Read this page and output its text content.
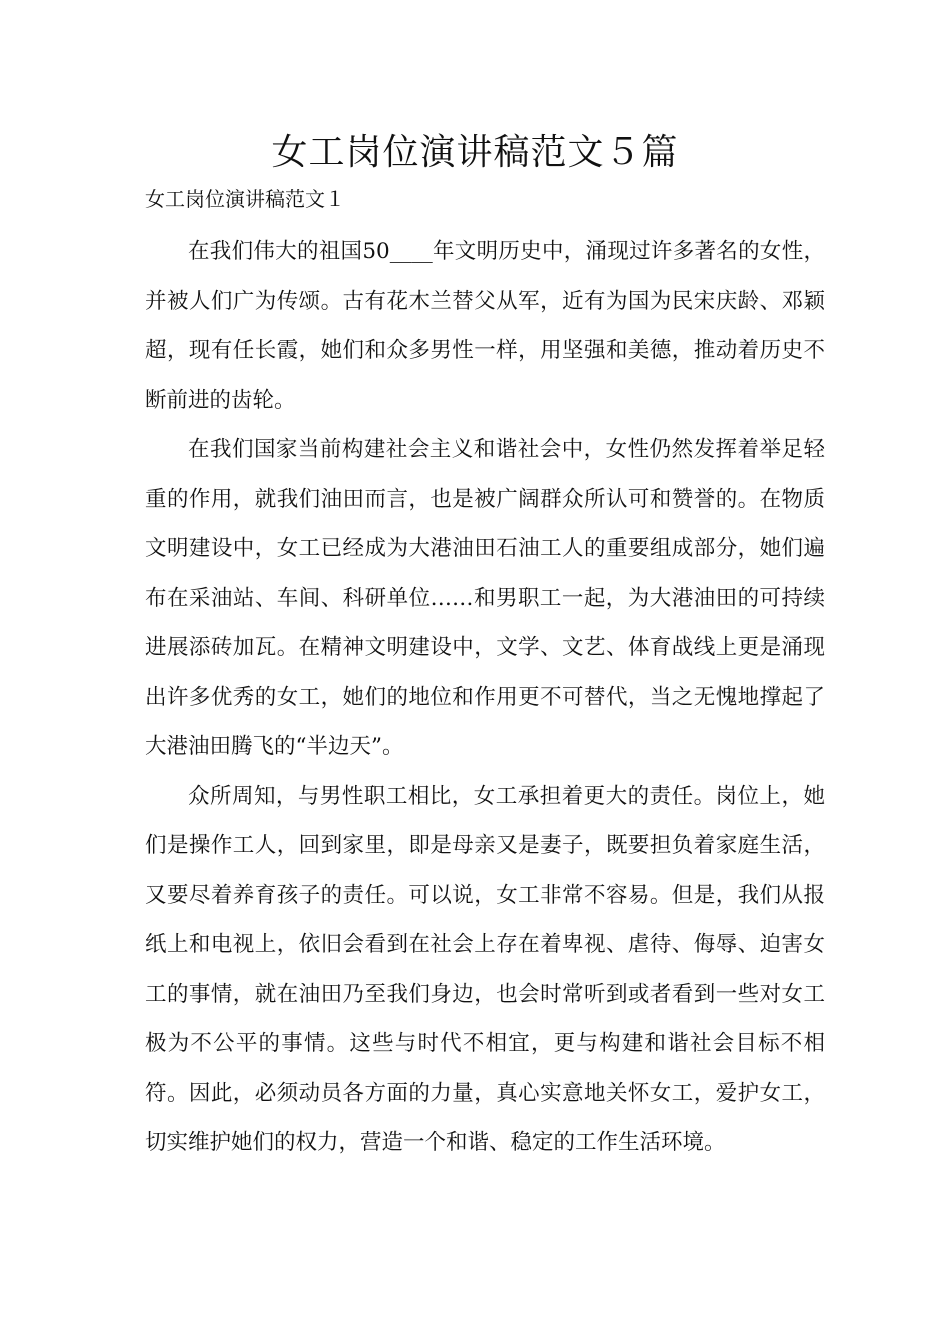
女工岗位演讲稿范文５篇

女工岗位演讲稿范文１

在我们伟大的祖国50____年文明历史中，涌现过许多著名的女性，并被人们广为传颂。古有花木兰替父从军，近有为国为民宋庆龄、邓颖超，现有任长霞，她们和众多男性一样，用坚强和美德，推动着历史不断前进的齿轮。

在我们国家当前构建社会主义和谐社会中，女性仍然发挥着举足轻重的作用，就我们油田而言，也是被广阔群众所认可和赞誉的。在物质文明建设中，女工已经成为大港油田石油工人的重要组成部分，她们遍布在采油站、车间、科研单位……和男职工一起，为大港油田的可持续进展添砖加瓦。在精神文明建设中，文学、文艺、体育战线上更是涌现出许多优秀的女工，她们的地位和作用更不可替代，当之无愧地撑起了大港油田腾飞的“半边天”。

众所周知，与男性职工相比，女工承担着更大的责任。岗位上，她们是操作工人，回到家里，即是母亲又是妻子，既要担负着家庭生活，又要尽着养育孩子的责任。可以说，女工非常不容易。但是，我们从报纸上和电视上，依旧会看到在社会上存在着卑视、虐待、侮辱、迫害女工的事情，就在油田乃至我们身边，也会时常听到或者看到一些对女工极为不公平的事情。这些与时代不相宜，更与构建和谐社会目标不相符。因此，必须动员各方面的力量，真心实意地关怀女工，爱护女工，切实维护她们的权力，营造一个和谐、稳定的工作生活环境。
